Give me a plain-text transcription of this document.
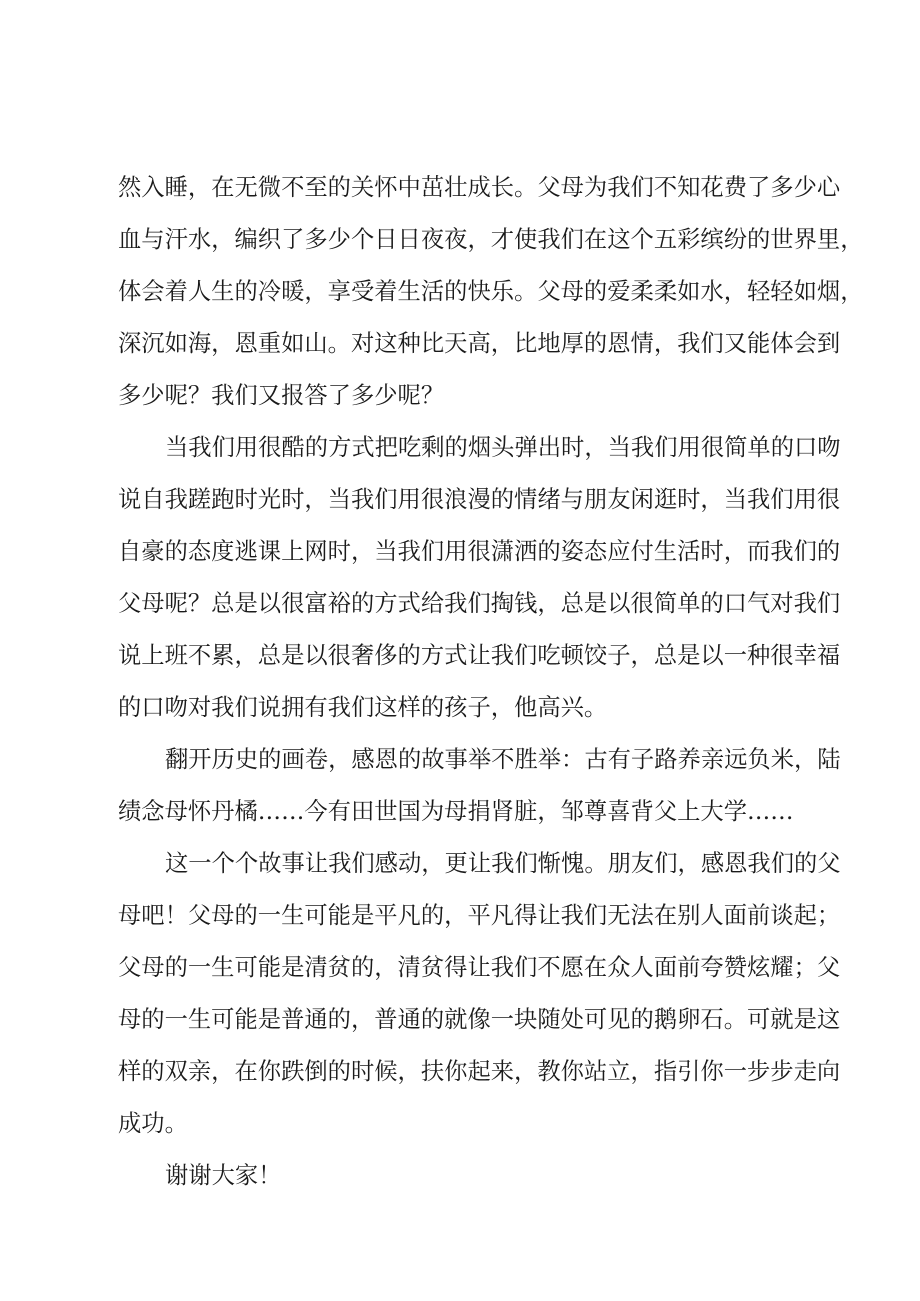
然入睡，在无微不至的关怀中茁壮成长。父母为我们不知花费了多少心
血与汗水，编织了多少个日日夜夜，才使我们在这个五彩缤纷的世界里，
体会着人生的冷暖，享受着生活的快乐。父母的爱柔柔如水，轻轻如烟，
深沉如海，恩重如山。对这种比天高，比地厚的恩情，我们又能体会到
多少呢？我们又报答了多少呢？

当我们用很酷的方式把吃剩的烟头弹出时，当我们用很简单的口吻
说自我蹉跑时光时，当我们用很浪漫的情绪与朋友闲逛时，当我们用很
自豪的态度逃课上网时，当我们用很潇洒的姿态应付生活时，而我们的
父母呢？总是以很富裕的方式给我们掏钱，总是以很简单的口气对我们
说上班不累，总是以很奢侈的方式让我们吃顿饺子，总是以一种很幸福
的口吻对我们说拥有我们这样的孩子，他高兴。

翻开历史的画卷，感恩的故事举不胜举：古有子路养亲远负米，陆
绩念母怀丹橘……今有田世国为母捐肾脏，邹尊喜背父上大学……

这一个个故事让我们感动，更让我们惭愧。朋友们，感恩我们的父
母吧！父母的一生可能是平凡的，平凡得让我们无法在别人面前谈起；
父母的一生可能是清贫的，清贫得让我们不愿在众人面前夸赞炫耀；父
母的一生可能是普通的，普通的就像一块随处可见的鹅卵石。可就是这
样的双亲，在你跌倒的时候，扶你起来，教你站立，指引你一步步走向
成功。

谢谢大家！
